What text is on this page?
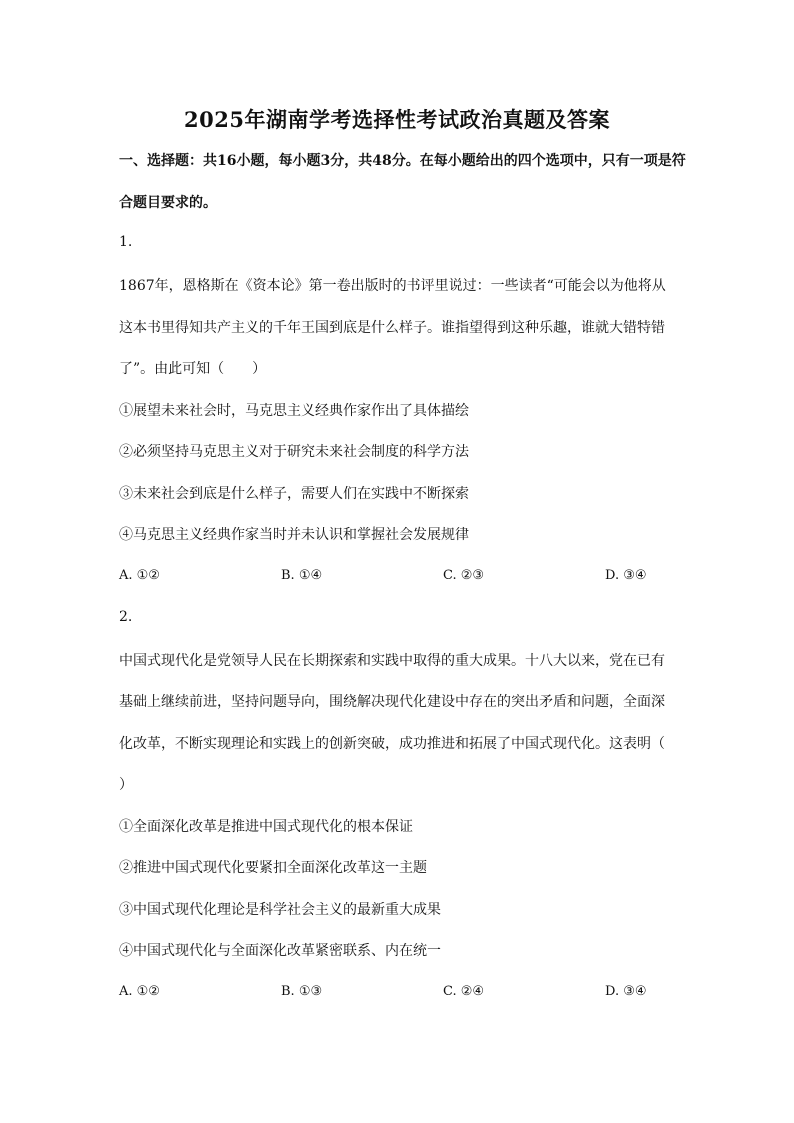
2025年湖南学考选择性考试政治真题及答案

一、选择题：共16小题，每小题3分，共48分。在每小题给出的四个选项中，只有一项是符

合题目要求的。

1.

1867年，恩格斯在《资本论》第一卷出版时的书评里说过：一些读者“可能会以为他将从

这本书里得知共产主义的千年王国到底是什么样子。谁指望得到这种乐趣，谁就大错特错

了”。由此可知（　　）

①展望未来社会时，马克思主义经典作家作出了具体描绘

②必须坚持马克思主义对于研究未来社会制度的科学方法

③未来社会到底是什么样子，需要人们在实践中不断探索

④马克思主义经典作家当时并未认识和掌握社会发展规律

A. ①②	B. ①④	C. ②③	D. ③④

2.

中国式现代化是党领导人民在长期探索和实践中取得的重大成果。十八大以来，党在已有

基础上继续前进，坚持问题导向，围绕解决现代化建设中存在的突出矛盾和问题，全面深

化改革，不断实现理论和实践上的创新突破，成功推进和拓展了中国式现代化。这表明（

）

①全面深化改革是推进中国式现代化的根本保证

②推进中国式现代化要紧扣全面深化改革这一主题

③中国式现代化理论是科学社会主义的最新重大成果

④中国式现代化与全面深化改革紧密联系、内在统一

A. ①②	B. ①③	C. ②④	D. ③④
